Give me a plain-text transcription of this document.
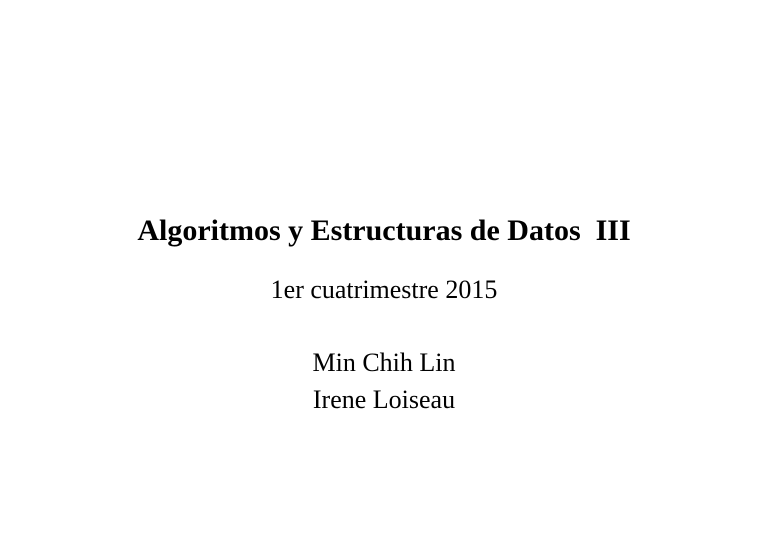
Algoritmos y Estructuras de Datos  III

1er cuatrimestre 2015

Min Chih Lin

Irene Loiseau
